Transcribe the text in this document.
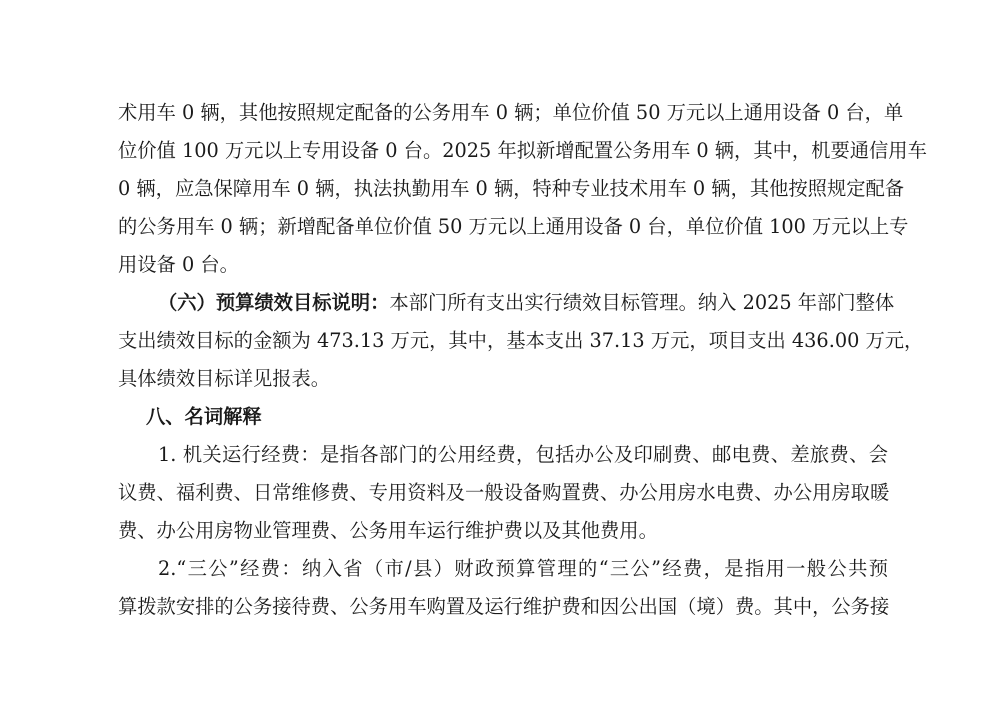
术用车 0 辆，其他按照规定配备的公务用车 0 辆；单位价值 50 万元以上通用设备 0 台，单
位价值 100 万元以上专用设备 0 台。2025 年拟新增配置公务用车 0 辆，其中，机要通信用车
0 辆，应急保障用车 0 辆，执法执勤用车 0 辆，特种专业技术用车 0 辆，其他按照规定配备
的公务用车 0 辆；新增配备单位价值 50 万元以上通用设备 0 台，单位价值 100 万元以上专
用设备 0 台。
（六）预算绩效目标说明：本部门所有支出实行绩效目标管理。纳入 2025 年部门整体
支出绩效目标的金额为 473.13 万元，其中，基本支出 37.13 万元，项目支出 436.00 万元，
具体绩效目标详见报表。
八、名词解释
1. 机关运行经费：是指各部门的公用经费，包括办公及印刷费、邮电费、差旅费、会
议费、福利费、日常维修费、专用资料及一般设备购置费、办公用房水电费、办公用房取暖
费、办公用房物业管理费、公务用车运行维护费以及其他费用。
2.“三公”经费：纳入省（市/县）财政预算管理的“三公”经费，是指用一般公共预
算拨款安排的公务接待费、公务用车购置及运行维护费和因公出国（境）费。其中，公务接
